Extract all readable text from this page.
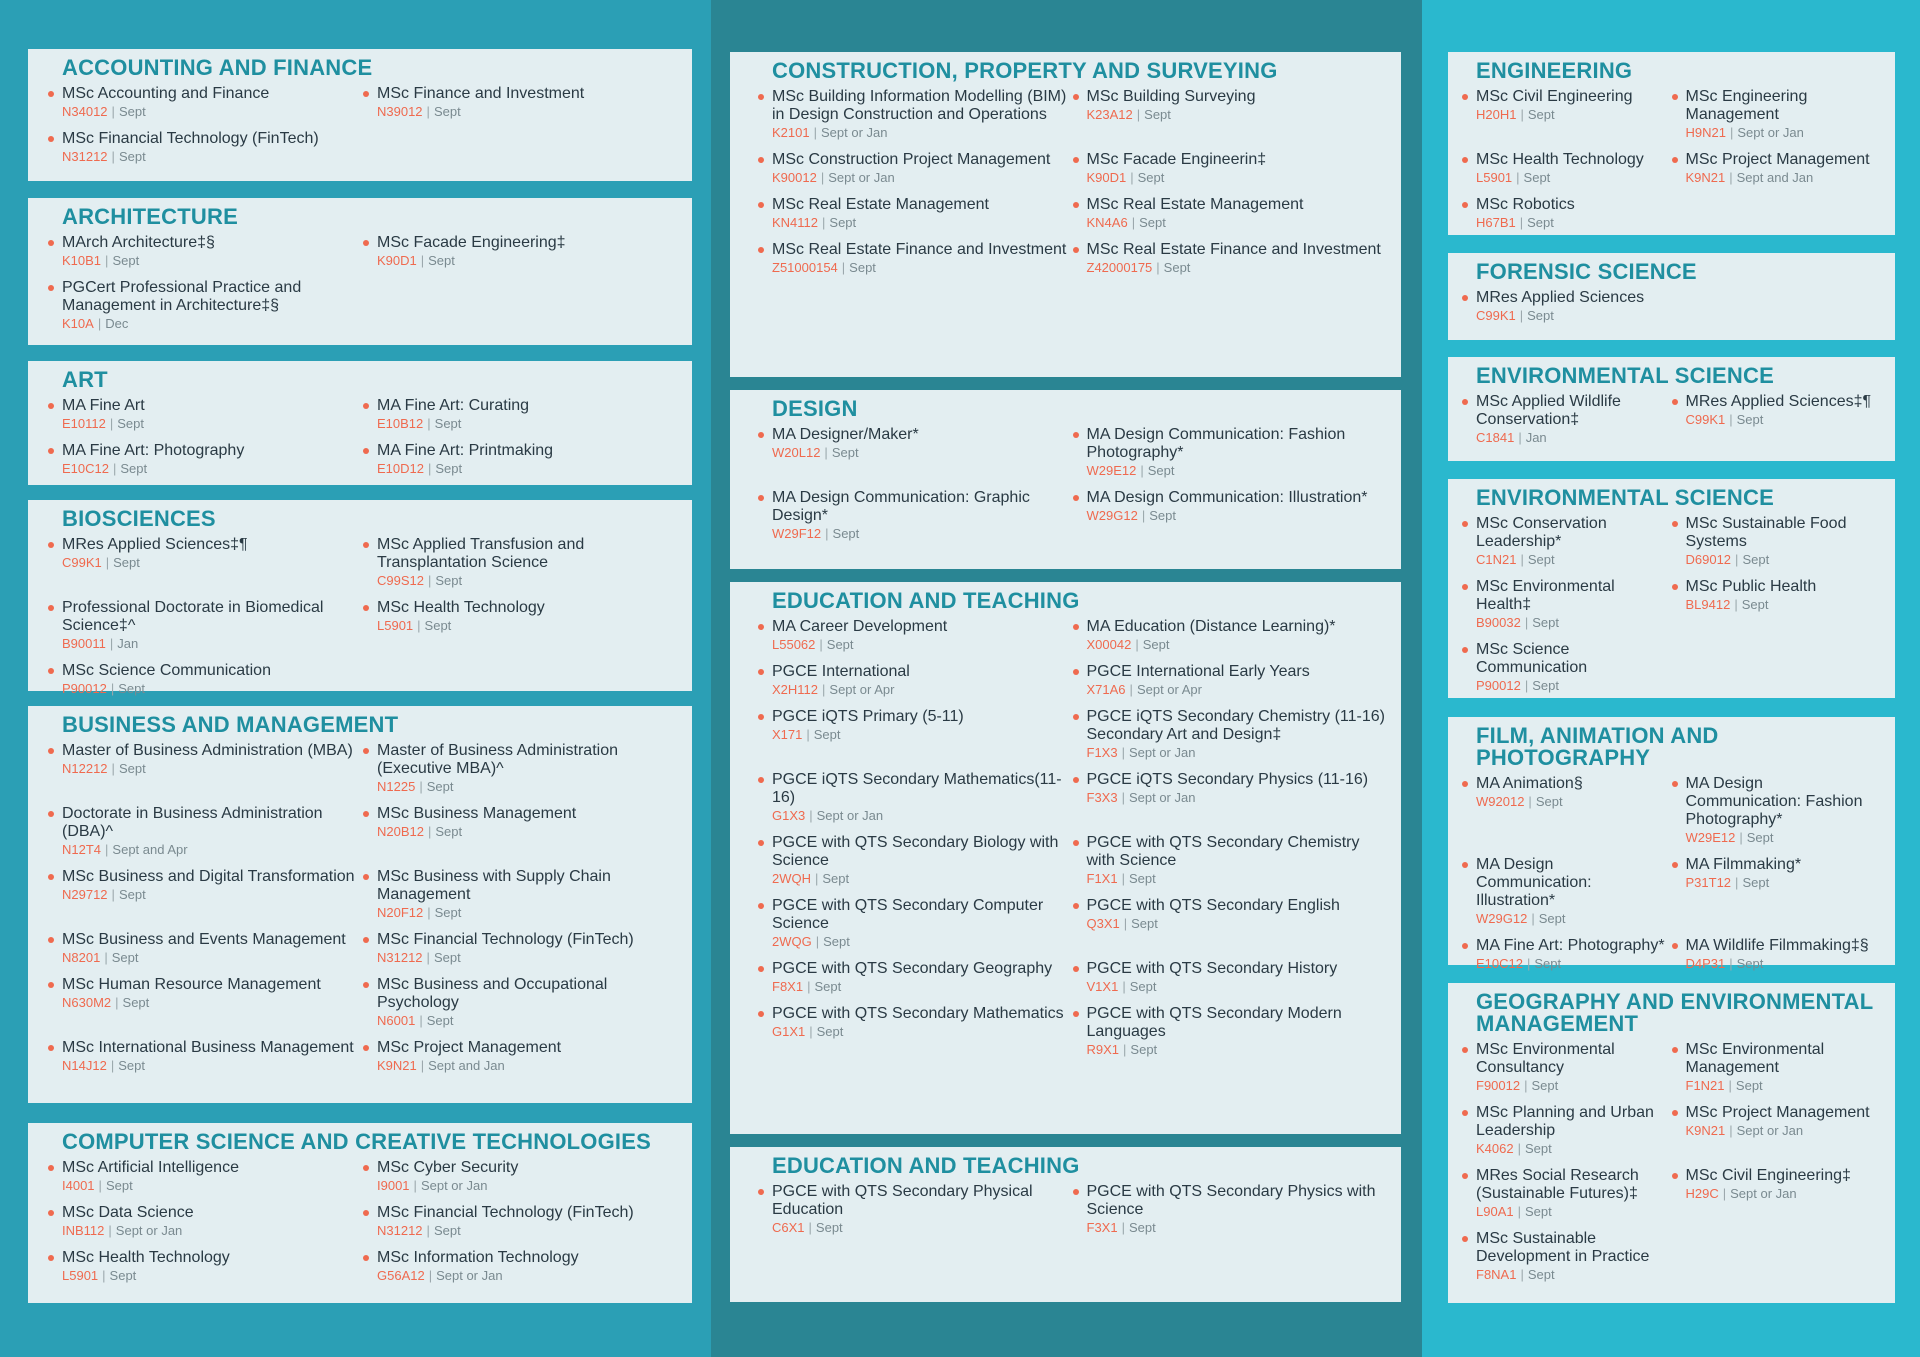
ACCOUNTING AND FINANCE
MSc Accounting and Finance
N34012 | Sept
MSc Finance and Investment
N39012 | Sept
MSc Financial Technology (FinTech)
N31212 | Sept
ARCHITECTURE
MArch Architecture‡§
K10B1 | Sept
MSc Facade Engineering‡
K90D1 | Sept
PGCert Professional Practice and Management in Architecture‡§
K10A | Dec
ART
MA Fine Art
E10112 | Sept
MA Fine Art: Curating
E10B12 | Sept
MA Fine Art: Photography
E10C12 | Sept
MA Fine Art: Printmaking
E10D12 | Sept
BIOSCIENCES
MRes Applied Sciences‡¶
C99K1 | Sept
MSc Applied Transfusion and Transplantation Science
C99S12 | Sept
Professional Doctorate in Biomedical Science‡^
B90011 | Jan
MSc Health Technology
L5901 | Sept
MSc Science Communication
P90012 | Sept
BUSINESS AND MANAGEMENT
Master of Business Administration (MBA)
N12212 | Sept
Master of Business Administration (Executive MBA)^
N1225 | Sept
Doctorate in Business Administration (DBA)^
N12T4 | Sept and Apr
MSc Business Management
N20B12 | Sept
MSc Business and Digital Transformation
N29712 | Sept
MSc Business with Supply Chain Management
N20F12 | Sept
MSc Business and Events Management
N8201 | Sept
MSc Financial Technology (FinTech)
N31212 | Sept
MSc Human Resource Management
N630M2 | Sept
MSc Business and Occupational Psychology
N6001 | Sept
MSc International Business Management
N14J12 | Sept
MSc Project Management
K9N21 | Sept and Jan
COMPUTER SCIENCE AND CREATIVE TECHNOLOGIES
MSc Artificial Intelligence
I4001 | Sept
MSc Cyber Security
I9001 | Sept or Jan
MSc Data Science
INB112 | Sept or Jan
MSc Financial Technology (FinTech)
N31212 | Sept
MSc Health Technology
L5901 | Sept
MSc Information Technology
G56A12 | Sept or Jan
CONSTRUCTION, PROPERTY AND SURVEYING
MSc Building Information Modelling (BIM) in Design Construction and Operations
K2101 | Sept or Jan
MSc Building Surveying
K23A12 | Sept
MSc Construction Project Management
K90012 | Sept or Jan
MSc Facade Engineerin‡
K90D1 | Sept
MSc Real Estate Management
KN4112 | Sept
MSc Real Estate Management
KN4A6 | Sept
MSc Real Estate Finance and Investment
Z51000154 | Sept
MSc Real Estate Finance and Investment
Z42000175 | Sept
DESIGN
MA Designer/Maker*
W20L12 | Sept
MA Design Communication: Fashion Photography*
W29E12 | Sept
MA Design Communication: Graphic Design*
W29F12 | Sept
MA Design Communication: Illustration*
W29G12 | Sept
EDUCATION AND TEACHING
MA Career Development
L55062 | Sept
MA Education (Distance Learning)*
X00042 | Sept
PGCE International
X2H112 | Sept or Apr
PGCE International Early Years
X71A6 | Sept or Apr
PGCE iQTS Primary (5-11)
X171 | Sept
PGCE iQTS Secondary Chemistry (11-16) Secondary Art and Design‡
F1X3 | Sept or Jan
PGCE iQTS Secondary Mathematics(11-16)
G1X3 | Sept or Jan
PGCE iQTS Secondary Physics (11-16)
F3X3 | Sept or Jan
PGCE with QTS Secondary Biology with Science
2WQH | Sept
PGCE with QTS Secondary Chemistry with Science
F1X1 | Sept
PGCE with QTS Secondary Computer Science
2WQG | Sept
PGCE with QTS Secondary English
Q3X1 | Sept
PGCE with QTS Secondary Geography
F8X1 | Sept
PGCE with QTS Secondary History
V1X1 | Sept
PGCE with QTS Secondary Mathematics
G1X1 | Sept
PGCE with QTS Secondary Modern Languages
R9X1 | Sept
EDUCATION AND TEACHING
PGCE with QTS Secondary Physical Education
C6X1 | Sept
PGCE with QTS Secondary Physics with Science
F3X1 | Sept
ENGINEERING
MSc Civil Engineering
H20H1 | Sept
MSc Engineering Management
H9N21 | Sept or Jan
MSc Health Technology
L5901 | Sept
MSc Project Management
K9N21 | Sept and Jan
MSc Robotics
H67B1 | Sept
FORENSIC SCIENCE
MRes Applied Sciences
C99K1 | Sept
ENVIRONMENTAL SCIENCE
MSc Applied Wildlife Conservation‡
C1841 | Jan
MRes Applied Sciences‡¶
C99K1 | Sept
ENVIRONMENTAL SCIENCE
MSc Conservation Leadership*
C1N21 | Sept
MSc Sustainable Food Systems
D69012 | Sept
MSc Environmental Health‡
B90032 | Sept
MSc Public Health
BL9412 | Sept
MSc Science Communication
P90012 | Sept
FILM, ANIMATION AND PHOTOGRAPHY
MA Animation§
W92012 | Sept
MA Design Communication: Fashion Photography*
W29E12 | Sept
MA Design Communication: Illustration*
W29G12 | Sept
MA Filmmaking*
P31T12 | Sept
MA Fine Art: Photography*
E10C12 | Sept
MA Wildlife Filmmaking‡§
D4P31 | Sept
GEOGRAPHY AND ENVIRONMENTAL MANAGEMENT
MSc Environmental Consultancy
F90012 | Sept
MSc Environmental Management
F1N21 | Sept
MSc Planning and Urban Leadership
K4062 | Sept
MSc Project Management
K9N21 | Sept or Jan
MRes Social Research (Sustainable Futures)‡
L90A1 | Sept
MSc Civil Engineering‡
H29C | Sept or Jan
MSc Sustainable Development in Practice
F8NA1 | Sept
